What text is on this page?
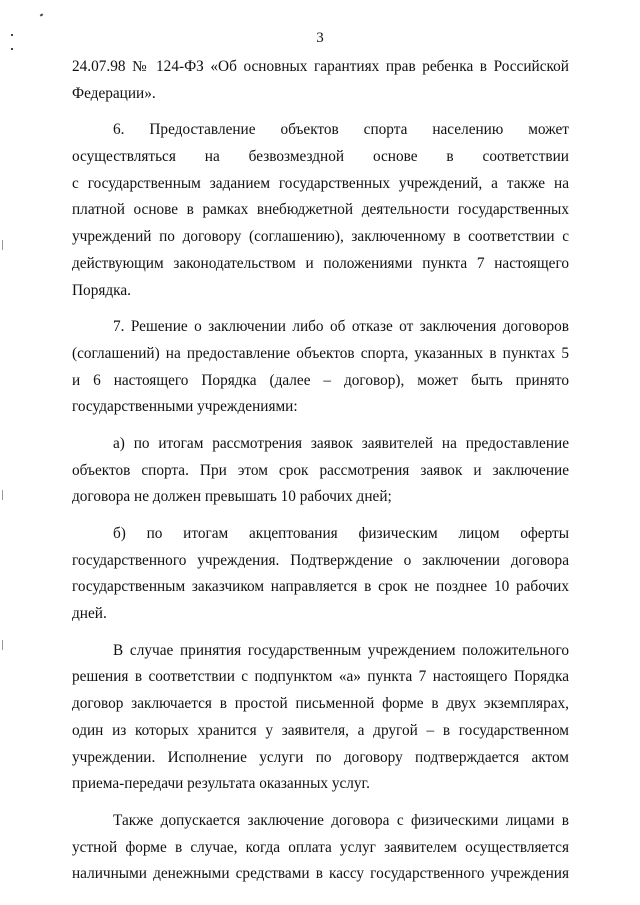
3

24.07.98 № 124-ФЗ «Об основных гарантиях прав ребенка в Российской
Федерации».

6. Предоставление объектов спорта населению может
осуществляться на безвозмездной основе в соответствии
с государственным заданием государственных учреждений, а также на
платной основе в рамках внебюджетной деятельности государственных
учреждений по договору (соглашению), заключенному в соответствии с
действующим законодательством и положениями пункта 7 настоящего
Порядка.

7. Решение о заключении либо об отказе от заключения договоров
(соглашений) на предоставление объектов спорта, указанных в пунктах 5
и 6 настоящего Порядка (далее – договор), может быть принято
государственными учреждениями:

а) по итогам рассмотрения заявок заявителей на предоставление
объектов спорта. При этом срок рассмотрения заявок и заключение
договора не должен превышать 10 рабочих дней;

б) по итогам акцептования физическим лицом оферты
государственного учреждения. Подтверждение о заключении договора
государственным заказчиком направляется в срок не позднее 10 рабочих
дней.

В случае принятия государственным учреждением положительного
решения в соответствии с подпунктом «а» пункта 7 настоящего Порядка
договор заключается в простой письменной форме в двух экземплярах,
один из которых хранится у заявителя, а другой – в государственном
учреждении. Исполнение услуги по договору подтверждается актом
приема-передачи результата оказанных услуг.

Также допускается заключение договора с физическими лицами в
устной форме в случае, когда оплата услуг заявителем осуществляется
наличными денежными средствами в кассу государственного учреждения
